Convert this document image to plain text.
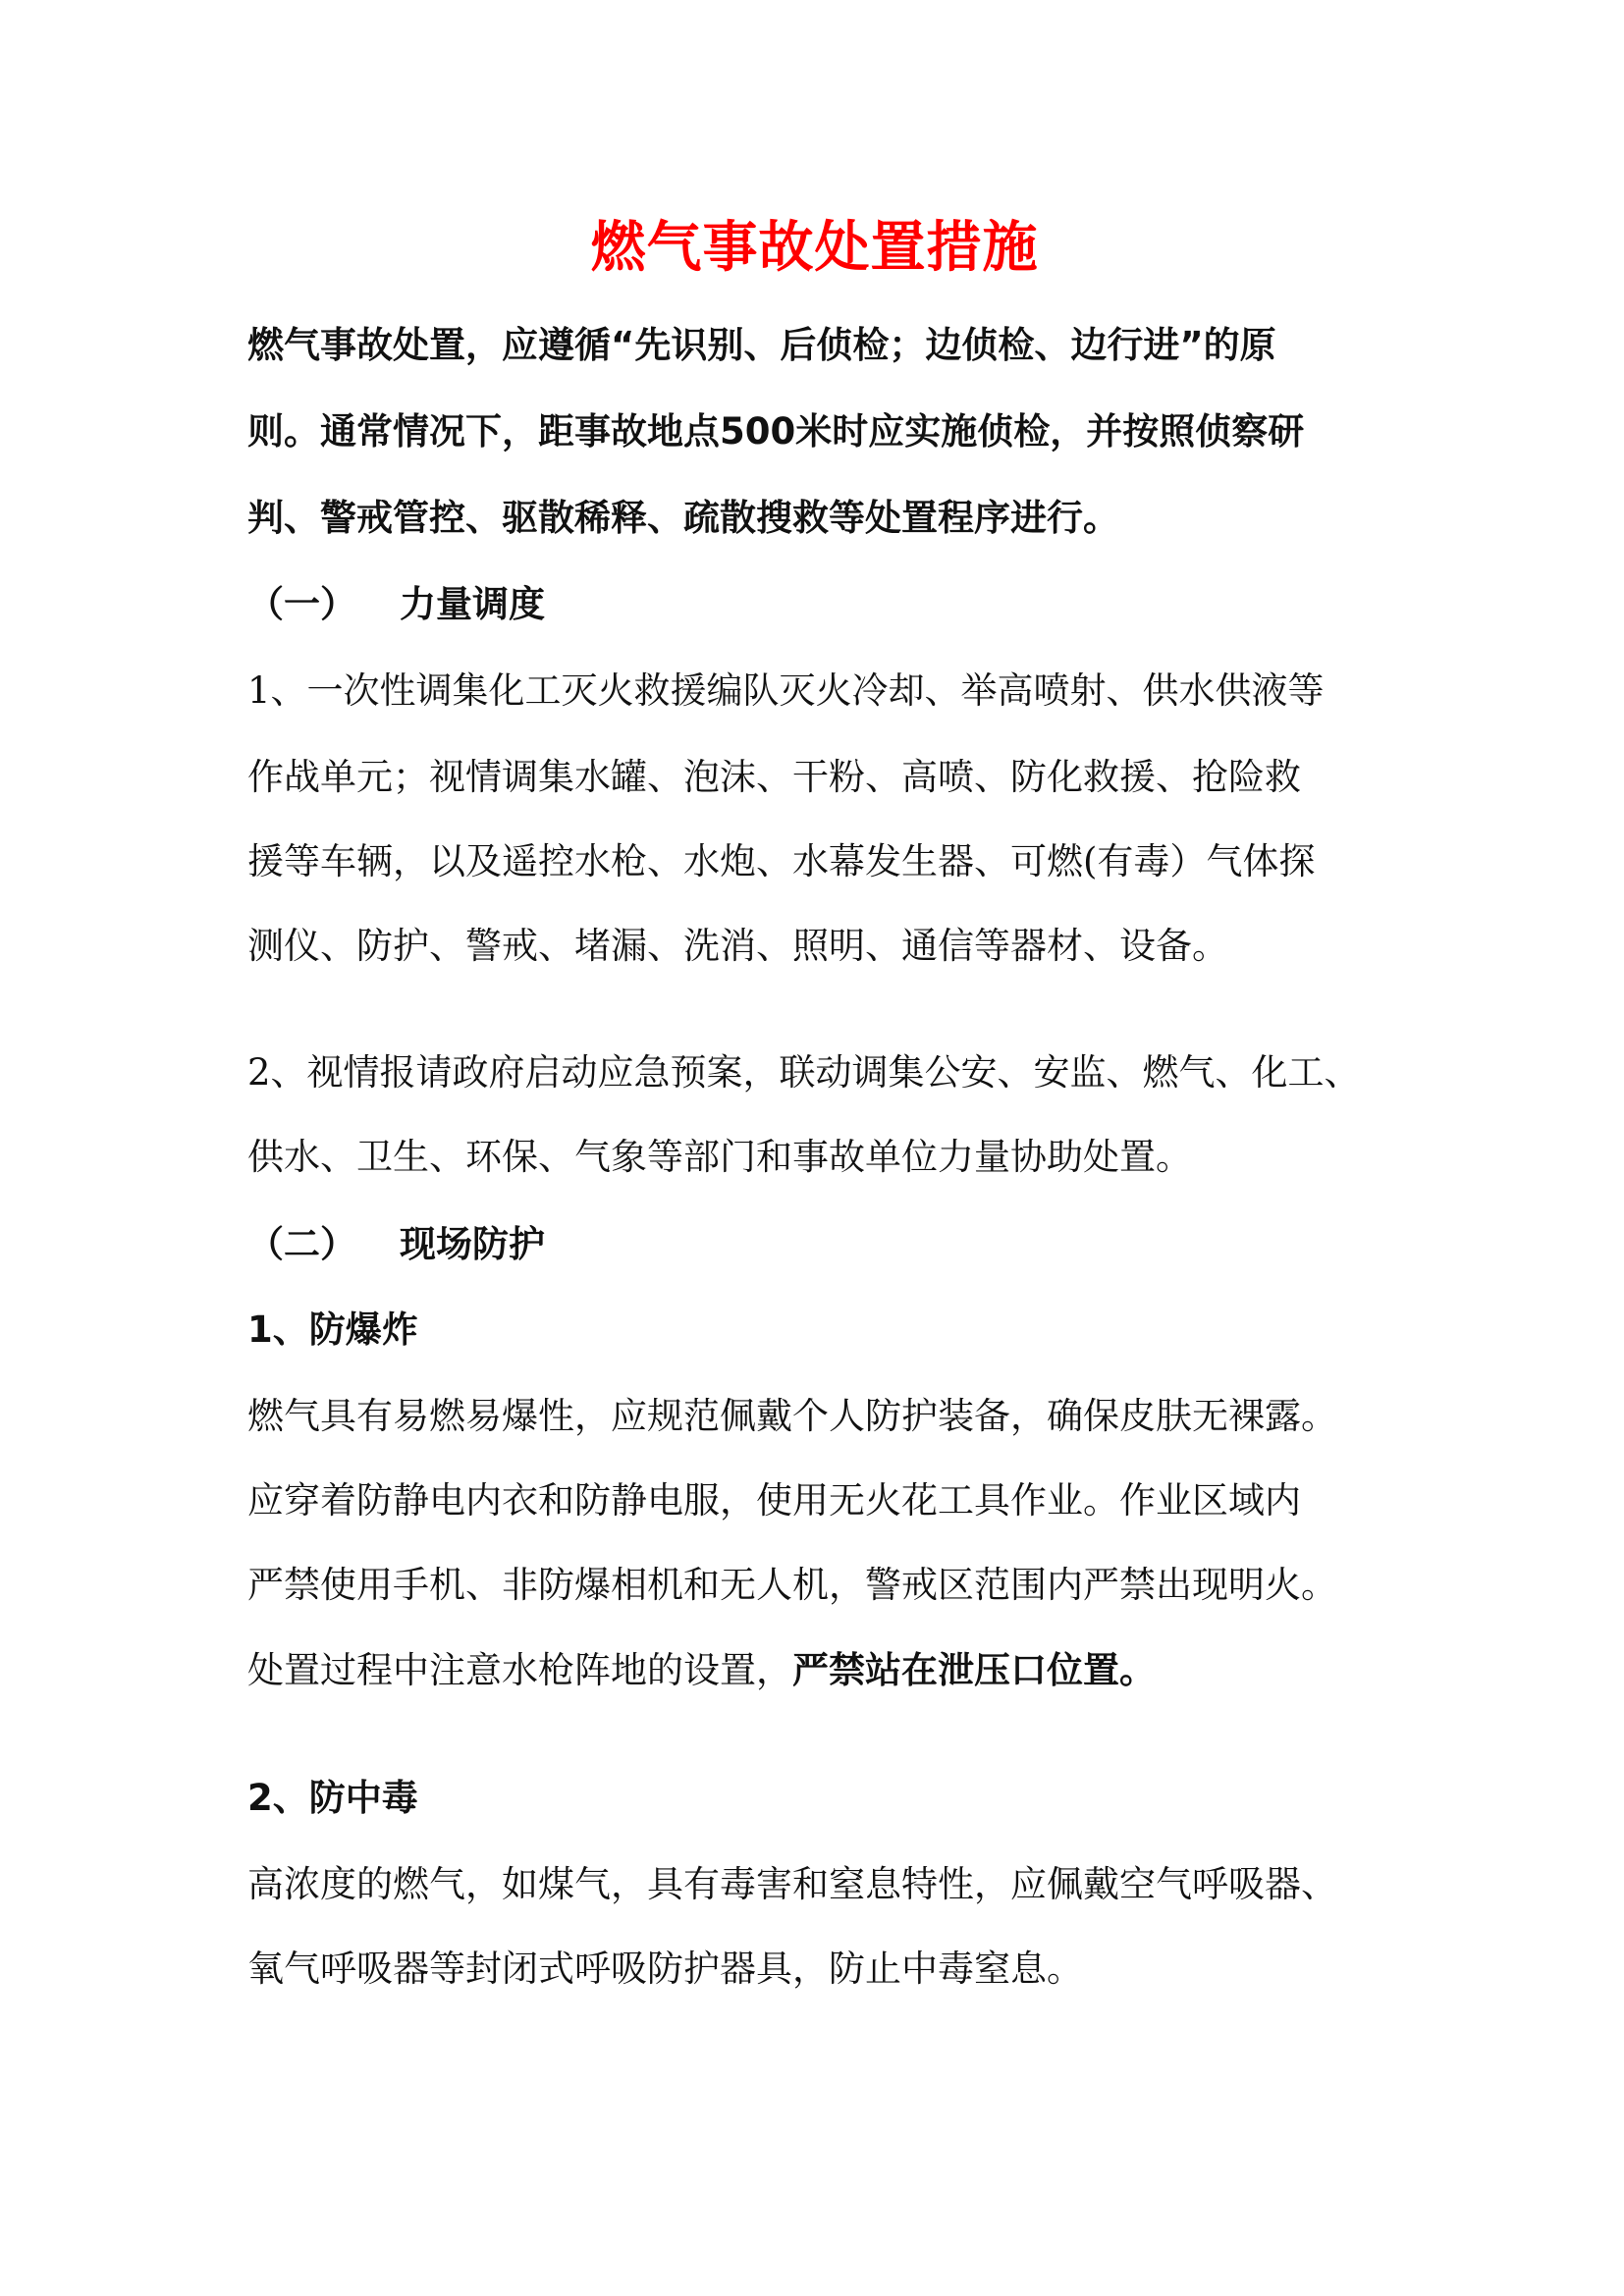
燃气事故处置措施

燃气事故处置，应遵循“先识别、后侦检；边侦检、边行进”的原

则。通常情况下，距事故地点500米时应实施侦检，并按照侦察研

判、警戒管控、驱散稀释、疏散搜救等处置程序进行。

（一） 力量调度

1、一次性调集化工灭火救援编队灭火冷却、举高喷射、供水供液等

作战单元；视情调集水罐、泡沫、干粉、高喷、防化救援、抢险救

援等车辆，以及遥控水枪、水炮、水幕发生器、可燃(有毒）气体探

测仪、防护、警戒、堵漏、洗消、照明、通信等器材、设备。

2、视情报请政府启动应急预案，联动调集公安、安监、燃气、化工、

供水、卫生、环保、气象等部门和事故单位力量协助处置。

（二） 现场防护

1、防爆炸

燃气具有易燃易爆性，应规范佩戴个人防护装备，确保皮肤无裸露。

应穿着防静电内衣和防静电服，使用无火花工具作业。作业区域内

严禁使用手机、非防爆相机和无人机，警戒区范围内严禁出现明火。

处置过程中注意水枪阵地的设置，严禁站在泄压口位置。

2、防中毒

高浓度的燃气，如煤气，具有毒害和窒息特性，应佩戴空气呼吸器、

氧气呼吸器等封闭式呼吸防护器具，防止中毒窒息。
